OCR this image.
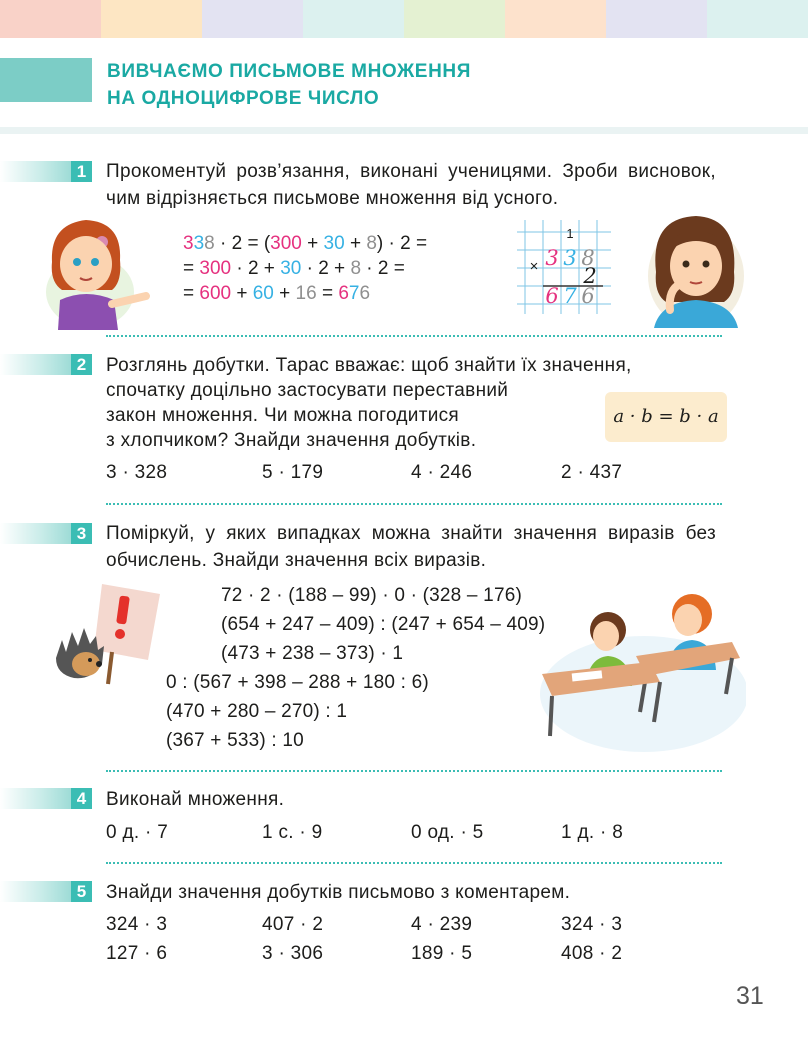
ВИВЧАЄМО ПИСЬМОВЕ МНОЖЕННЯ
НА ОДНОЦИФРОВЕ ЧИСЛО
1	Прокоментуй розв’язання, виконані ученицями. Зроби висновок, чим відрізняється письмове множення від усного.
338 · 2 = (300 + 30 + 8) · 2 =
= 300 · 2 + 30 · 2 + 8 · 2 =
= 600 + 60 + 16 = 676
1
× 3 3 8
2
6 7 6
2	Розглянь добутки. Тарас вважає: щоб знайти їх значення,
спочатку доцільно застосувати переставний
закон множення. Чи можна погодитися
з хлопчиком? Знайди значення добутків.
a · b = b · a
3 · 328	5 · 179	4 · 246	2 · 437
3	Поміркуй, у яких випадках можна знайти значення виразів без обчислень. Знайди значення всіх виразів.
72 · 2 · (188 – 99) · 0 · (328 – 176)
(654 + 247 – 409) : (247 + 654 – 409)
(473 + 238 – 373) · 1
0 : (567 + 398 – 288 + 180 : 6)
(470 + 280 – 270) : 1
(367 + 533) : 10
4	Виконай множення.
0 д. · 7	1 с. · 9	0 од. · 5	1 д. · 8
5	Знайди значення добутків письмово з коментарем.
324 · 3	407 · 2	4 · 239	324 · 3
127 · 6	3 · 306	189 · 5	408 · 2
31
